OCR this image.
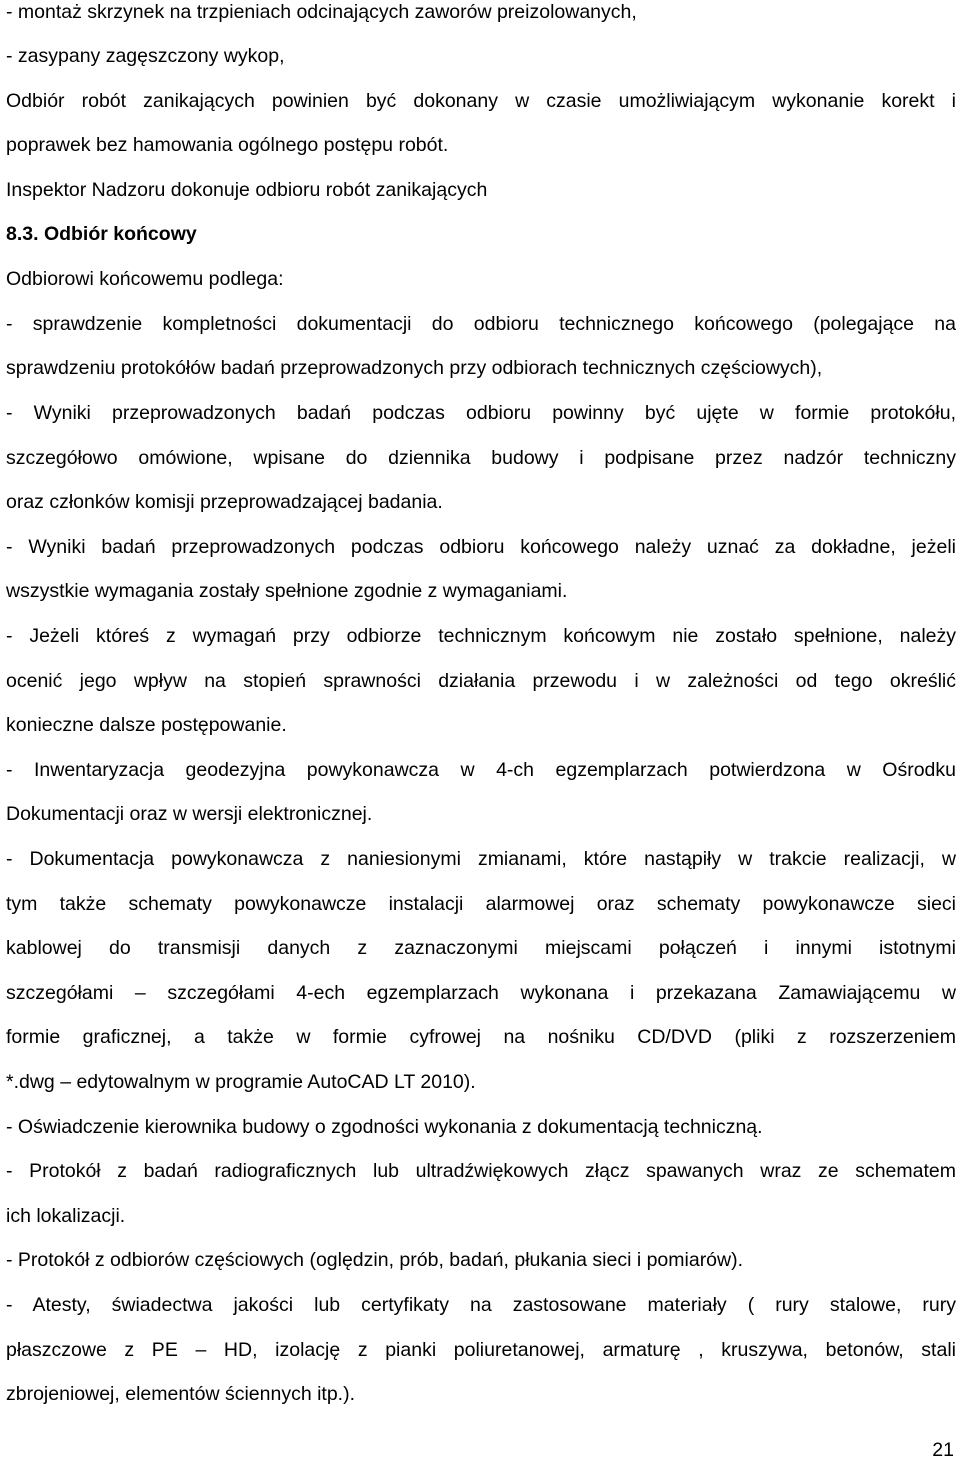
- montaż skrzynek na trzpieniach odcinających zaworów preizolowanych,
- zasypany zagęszczony wykop,
Odbiór robót zanikających powinien być dokonany w czasie umożliwiającym wykonanie korekt i
poprawek bez hamowania ogólnego postępu robót.
Inspektor Nadzoru dokonuje odbioru robót zanikających
8.3. Odbiór końcowy
Odbiorowi końcowemu podlega:
- sprawdzenie kompletności dokumentacji do odbioru technicznego końcowego (polegające na
sprawdzeniu protokółów badań przeprowadzonych przy odbiorach technicznych częściowych),
- Wyniki przeprowadzonych badań podczas odbioru powinny być ujęte w formie protokółu,
szczegółowo omówione, wpisane do dziennika budowy i podpisane przez nadzór techniczny
oraz członków komisji przeprowadzającej badania.
- Wyniki badań przeprowadzonych podczas odbioru końcowego należy uznać za dokładne, jeżeli
wszystkie wymagania zostały spełnione zgodnie z wymaganiami.
- Jeżeli któreś z wymagań przy odbiorze technicznym końcowym nie zostało spełnione, należy
ocenić jego wpływ na stopień sprawności działania przewodu i w zależności od tego określić
konieczne dalsze postępowanie.
- Inwentaryzacja geodezyjna powykonawcza w 4-ch egzemplarzach potwierdzona w Ośrodku
Dokumentacji oraz w wersji elektronicznej.
- Dokumentacja powykonawcza z naniesionymi zmianami, które nastąpiły w trakcie realizacji, w
tym także schematy powykonawcze instalacji alarmowej oraz schematy powykonawcze sieci
kablowej do transmisji danych z zaznaczonymi miejscami połączeń i innymi istotnymi
szczegółami – szczegółami 4-ech egzemplarzach wykonana i przekazana Zamawiającemu w
formie graficznej, a także w formie cyfrowej na nośniku CD/DVD (pliki z rozszerzeniem
*.dwg – edytowalnym w programie AutoCAD LT 2010).
- Oświadczenie kierownika budowy o zgodności wykonania z dokumentacją techniczną.
- Protokół z badań radiograficznych lub ultradźwiękowych złącz spawanych wraz ze schematem
ich lokalizacji.
- Protokół z odbiorów częściowych (oględzin, prób, badań, płukania sieci i pomiarów).
- Atesty, świadectwa jakości lub certyfikaty na zastosowane materiały ( rury stalowe, rury
płaszczowe z PE – HD, izolację z pianki poliuretanowej, armaturę , kruszywa, betonów, stali
zbrojeniowej, elementów ściennych itp.).
21
